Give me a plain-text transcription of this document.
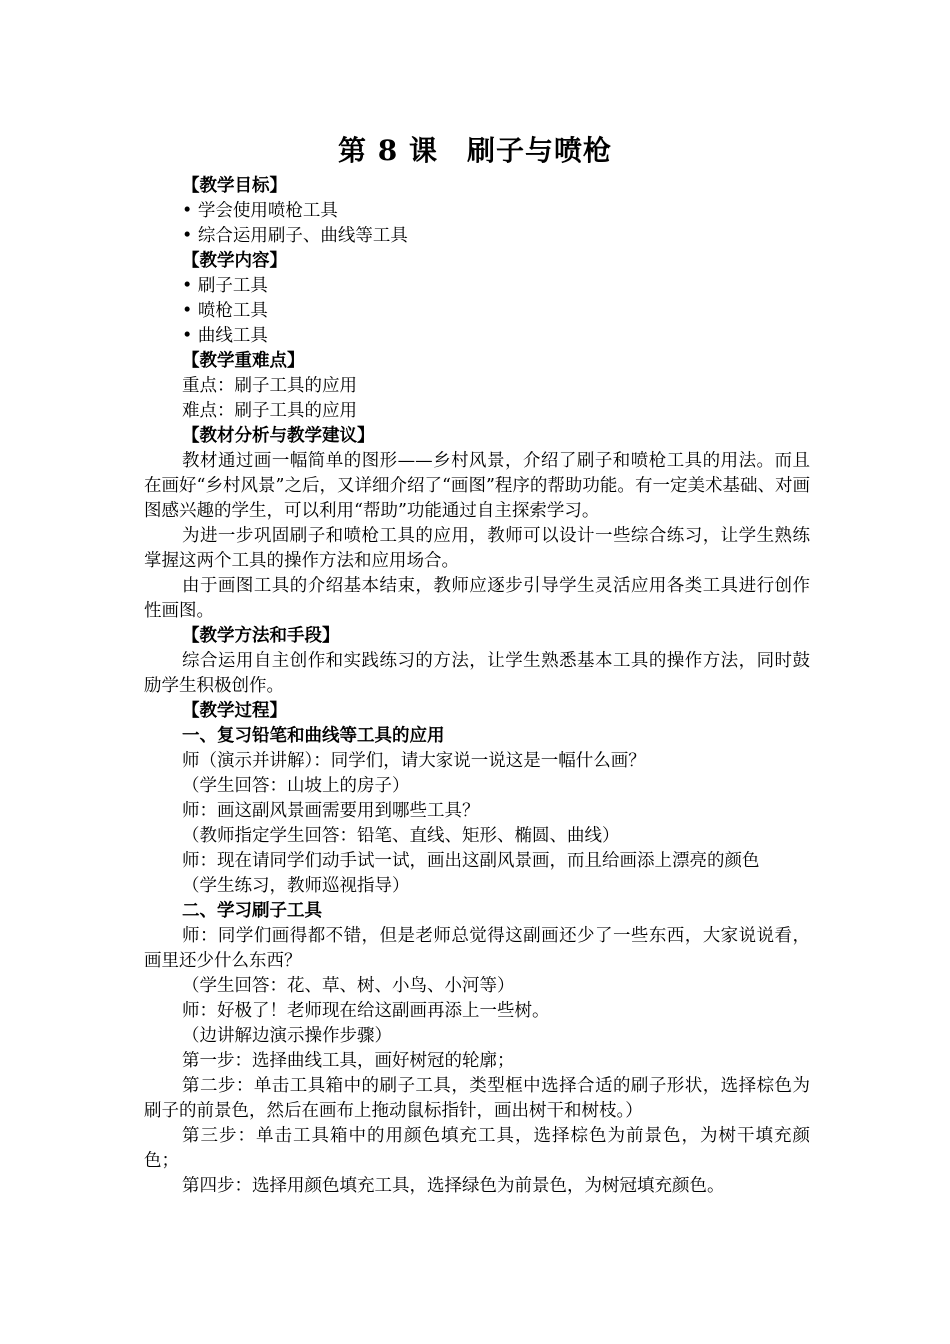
第 8 课　刷子与喷枪

【教学目标】

• 学会使用喷枪工具

• 综合运用刷子、曲线等工具

【教学内容】

• 刷子工具

• 喷枪工具

• 曲线工具

【教学重难点】

重点：刷子工具的应用

难点：刷子工具的应用

【教材分析与教学建议】

教材通过画一幅简单的图形——乡村风景，介绍了刷子和喷枪工具的用法。而且在画好“乡村风景”之后，又详细介绍了“画图”程序的帮助功能。有一定美术基础、对画图感兴趣的学生，可以利用“帮助”功能通过自主探索学习。

为进一步巩固刷子和喷枪工具的应用，教师可以设计一些综合练习，让学生熟练掌握这两个工具的操作方法和应用场合。

由于画图工具的介绍基本结束，教师应逐步引导学生灵活应用各类工具进行创作性画图。

【教学方法和手段】

综合运用自主创作和实践练习的方法，让学生熟悉基本工具的操作方法，同时鼓励学生积极创作。

【教学过程】

一、复习铅笔和曲线等工具的应用

师（演示并讲解）：同学们，请大家说一说这是一幅什么画？

（学生回答：山坡上的房子）

师：画这副风景画需要用到哪些工具？

（教师指定学生回答：铅笔、直线、矩形、椭圆、曲线）

师：现在请同学们动手试一试，画出这副风景画，而且给画添上漂亮的颜色

（学生练习，教师巡视指导）

二、学习刷子工具

师：同学们画得都不错，但是老师总觉得这副画还少了一些东西，大家说说看，画里还少什么东西？

（学生回答：花、草、树、小鸟、小河等）

师：好极了！老师现在给这副画再添上一些树。

（边讲解边演示操作步骤）

第一步：选择曲线工具，画好树冠的轮廓；

第二步：单击工具箱中的刷子工具，类型框中选择合适的刷子形状，选择棕色为刷子的前景色，然后在画布上拖动鼠标指针，画出树干和树枝。）

第三步：单击工具箱中的用颜色填充工具，选择棕色为前景色，为树干填充颜色；

第四步：选择用颜色填充工具，选择绿色为前景色，为树冠填充颜色。
